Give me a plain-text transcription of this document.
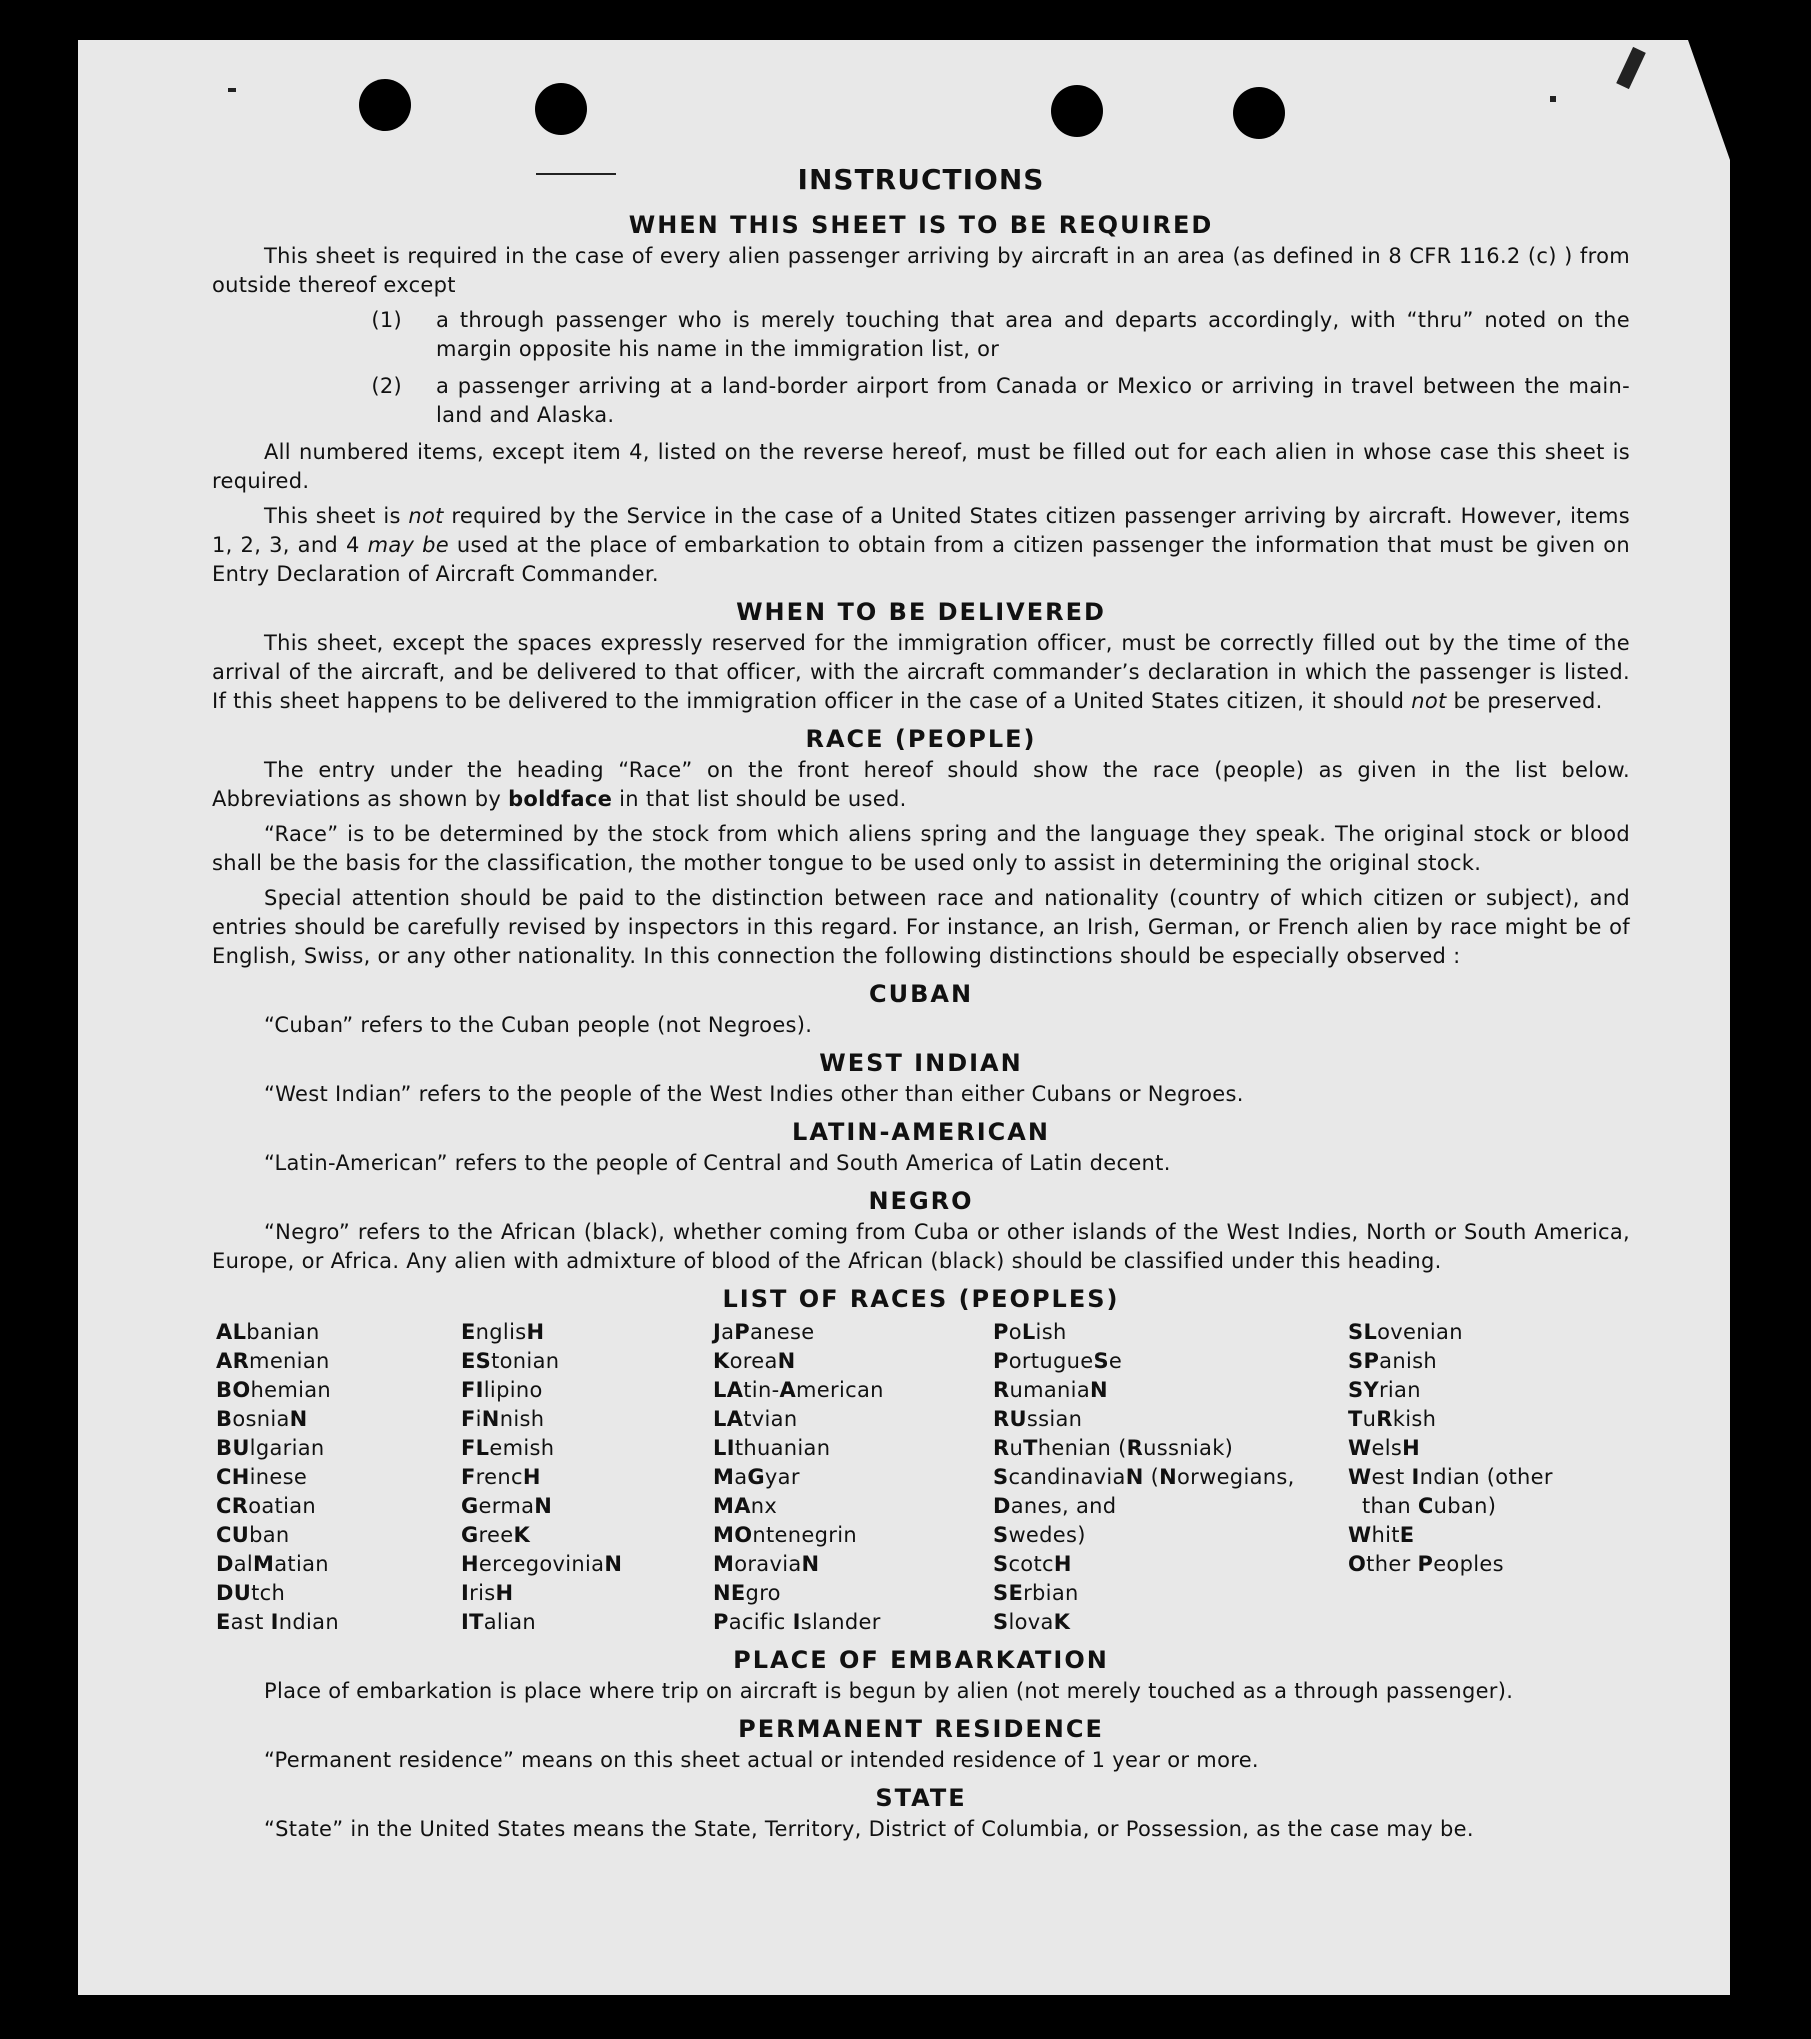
INSTRUCTIONS
WHEN THIS SHEET IS TO BE REQUIRED

This sheet is required in the case of every alien passenger arriving by aircraft in an area (as defined in 8 CFR 116.2 (c) ) from outside thereof except

(1)	a through passenger who is merely touching that area and departs accordingly, with “thru” noted on the margin opposite his name in the immigration list, or
(2)	a passenger arriving at a land-border airport from Canada or Mexico or arriving in travel between the main-land and Alaska.

All numbered items, except item 4, listed on the reverse hereof, must be filled out for each alien in whose case this sheet is required.

This sheet is not required by the Service in the case of a United States citizen passenger arriving by aircraft. However, items 1, 2, 3, and 4 may be used at the place of embarkation to obtain from a citizen passenger the information that must be given on Entry Declaration of Aircraft Commander.

WHEN TO BE DELIVERED

This sheet, except the spaces expressly reserved for the immigration officer, must be correctly filled out by the time of the arrival of the aircraft, and be delivered to that officer, with the aircraft commander’s declaration in which the passenger is listed. If this sheet happens to be delivered to the immigration officer in the case of a United States citizen, it should not be preserved.

RACE (PEOPLE)

The entry under the heading “Race” on the front hereof should show the race (people) as given in the list below. Abbreviations as shown by boldface in that list should be used.

“Race” is to be determined by the stock from which aliens spring and the language they speak. The original stock or blood shall be the basis for the classification, the mother tongue to be used only to assist in determining the original stock.

Special attention should be paid to the distinction between race and nationality (country of which citizen or subject), and entries should be carefully revised by inspectors in this regard. For instance, an Irish, German, or French alien by race might be of English, Swiss, or any other nationality. In this connection the following distinctions should be especially observed :

CUBAN

“Cuban” refers to the Cuban people (not Negroes).

WEST INDIAN

“West Indian” refers to the people of the West Indies other than either Cubans or Negroes.

LATIN-AMERICAN

“Latin-American” refers to the people of Central and South America of Latin decent.

NEGRO

“Negro” refers to the African (black), whether coming from Cuba or other islands of the West Indies, North or South America, Europe, or Africa. Any alien with admixture of blood of the African (black) should be classified under this heading.

LIST OF RACES (PEOPLES)
ALbanian
ARmenian
BOhemian
BosniaN
BUlgarian
CHinese
CRoatian
CUban
DalMatian
DUtch
East Indian
EnglisH
EStonian
FIlipino
FiNnish
FLemish
FrencH
GermaN
GreeK
HercegoviniaN
IrisH
ITalian
JaPanese
KoreaN
LAtin-American
LAtvian
LIthuanian
MaGyar
MAnx
MOntenegrin
MoraviaN
NEgro
Pacific Islander
PoLish
PortugueSe
RumaniaN
RUssian
RuThenian (Russniak)
ScandinaviaN (Norwegians,
Danes, and
Swedes)
ScotcH
SErbian
SlovaK
SLovenian
SPanish
SYrian
TuRkish
WelsH
West Indian (other
than Cuban)
WhitE
Other Peoples
PLACE OF EMBARKATION

Place of embarkation is place where trip on aircraft is begun by alien (not merely touched as a through passenger).

PERMANENT RESIDENCE

“Permanent residence” means on this sheet actual or intended residence of 1 year or more.

STATE

“State” in the United States means the State, Territory, District of Columbia, or Possession, as the case may be.
